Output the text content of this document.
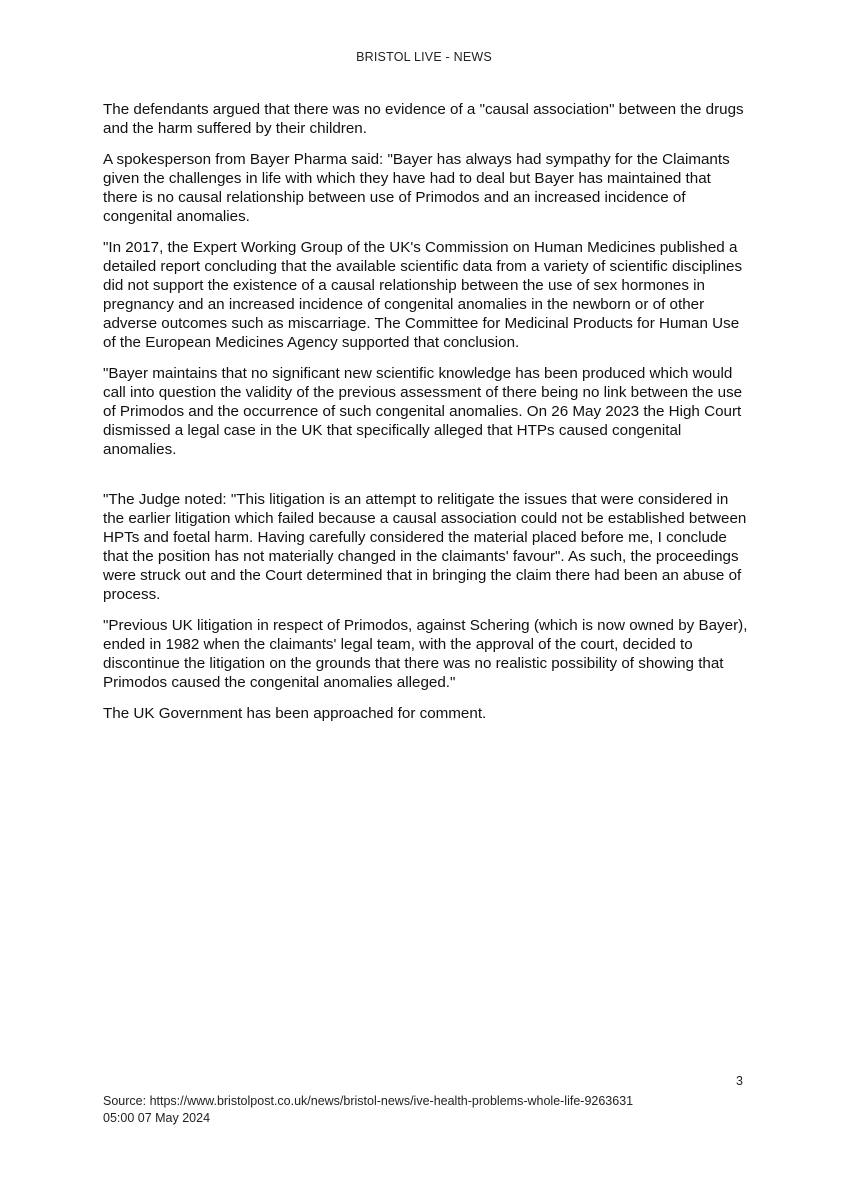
BRISTOL LIVE - NEWS

The defendants argued that there was no evidence of a "causal association" between the drugs and the harm suffered by their children.

A spokesperson from Bayer Pharma said: "Bayer has always had sympathy for the Claimants given the challenges in life with which they have had to deal but Bayer has maintained that there is no causal relationship between use of Primodos and an increased incidence of congenital anomalies.

"In 2017, the Expert Working Group of the UK's Commission on Human Medicines published a detailed report concluding that the available scientific data from a variety of scientific disciplines did not support the existence of a causal relationship between the use of sex hormones in pregnancy and an increased incidence of congenital anomalies in the newborn or of other adverse outcomes such as miscarriage. The Committee for Medicinal Products for Human Use of the European Medicines Agency supported that conclusion.

"Bayer maintains that no significant new scientific knowledge has been produced which would call into question the validity of the previous assessment of there being no link between the use of Primodos and the occurrence of such congenital anomalies. On 26 May 2023 the High Court dismissed a legal case in the UK that specifically alleged that HTPs caused congenital anomalies.

"The Judge noted: "This litigation is an attempt to relitigate the issues that were considered in the earlier litigation which failed because a causal association could not be established between HPTs and foetal harm. Having carefully considered the material placed before me, I conclude that the position has not materially changed in the claimants' favour". As such, the proceedings were struck out and the Court determined that in bringing the claim there had been an abuse of process.

"Previous UK litigation in respect of Primodos, against Schering (which is now owned by Bayer), ended in 1982 when the claimants' legal team, with the approval of the court, decided to discontinue the litigation on the grounds that there was no realistic possibility of showing that Primodos caused the congenital anomalies alleged."

The UK Government has been approached for comment.

3
Source: https://www.bristolpost.co.uk/news/bristol-news/ive-health-problems-whole-life-9263631
05:00 07 May 2024
